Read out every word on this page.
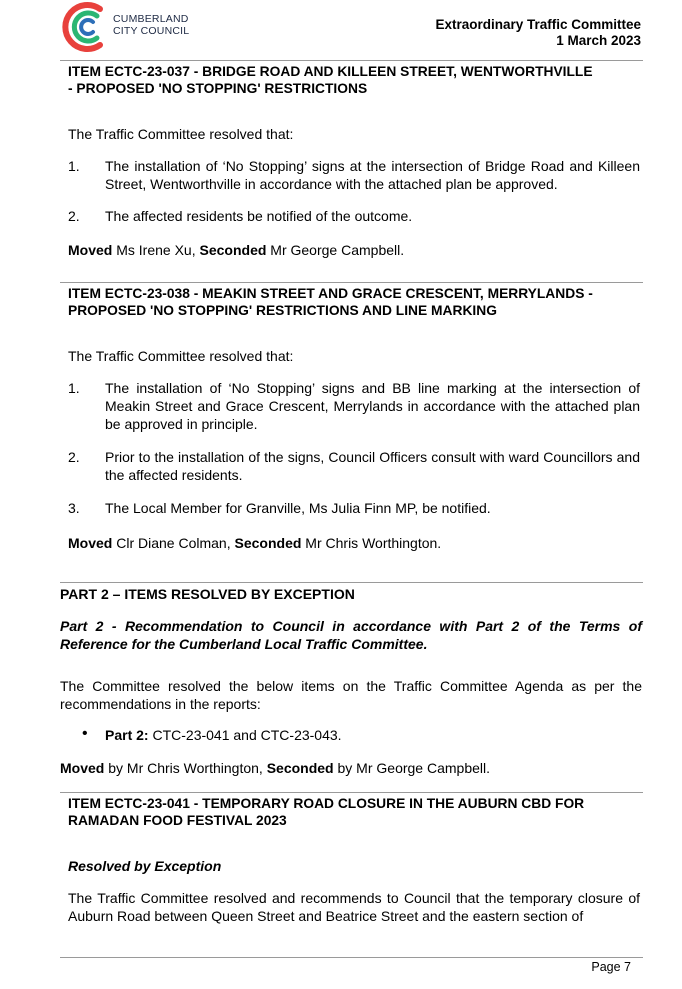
CUMBERLAND
CITY COUNCIL	Extraordinary Traffic Committee
1 March 2023
ITEM ECTC-23-037 - BRIDGE ROAD AND KILLEEN STREET, WENTWORTHVILLE
- PROPOSED 'NO STOPPING' RESTRICTIONS
The Traffic Committee resolved that:
1. The installation of ‘No Stopping’ signs at the intersection of Bridge Road and Killeen Street, Wentworthville in accordance with the attached plan be approved.
2. The affected residents be notified of the outcome.
Moved Ms Irene Xu, Seconded Mr George Campbell.
ITEM ECTC-23-038 - MEAKIN STREET AND GRACE CRESCENT, MERRYLANDS -
PROPOSED 'NO STOPPING' RESTRICTIONS AND LINE MARKING
The Traffic Committee resolved that:
1. The installation of ‘No Stopping’ signs and BB line marking at the intersection of Meakin Street and Grace Crescent, Merrylands in accordance with the attached plan be approved in principle.
2. Prior to the installation of the signs, Council Officers consult with ward Councillors and the affected residents.
3. The Local Member for Granville, Ms Julia Finn MP, be notified.
Moved Clr Diane Colman, Seconded Mr Chris Worthington.
PART 2 – ITEMS RESOLVED BY EXCEPTION
Part 2 - Recommendation to Council in accordance with Part 2 of the Terms of Reference for the Cumberland Local Traffic Committee.
The Committee resolved the below items on the Traffic Committee Agenda as per the recommendations in the reports:
• Part 2: CTC-23-041 and CTC-23-043.
Moved by Mr Chris Worthington, Seconded by Mr George Campbell.
ITEM ECTC-23-041 - TEMPORARY ROAD CLOSURE IN THE AUBURN CBD FOR
RAMADAN FOOD FESTIVAL 2023
Resolved by Exception
The Traffic Committee resolved and recommends to Council that the temporary closure of Auburn Road between Queen Street and Beatrice Street and the eastern section of
Page 7
